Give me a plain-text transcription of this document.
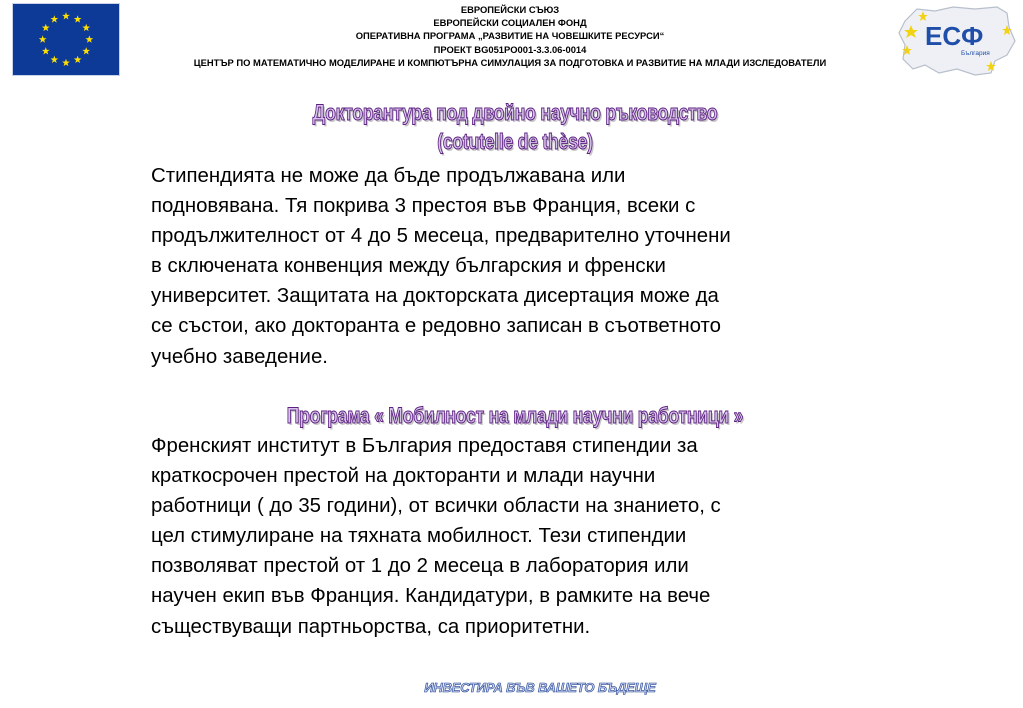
ЕВРОПЕЙСКИ СЪЮЗ
ЕВРОПЕЙСКИ СОЦИАЛЕН ФОНД
ОПЕРАТИВНА ПРОГРАМА „РАЗВИТИЕ НА ЧОВЕШКИТЕ РЕСУРСИ“
ПРОЕКТ BG051PO001-3.3.06-0014
ЦЕНТЪР ПО МАТЕМАТИЧНО МОДЕЛИРАНЕ И КОМПЮТЪРНА СИМУЛАЦИЯ ЗА ПОДГОТОВКА И РАЗВИТИЕ НА МЛАДИ ИЗСЛЕДОВАТЕЛИ
ЕСФ
България
Докторантура под двойно научно ръководство
(cotutelle de thèse)
Стипендията не може да бъде продължавана или
подновявана. Тя покрива 3 престоя във Франция, всеки с
продължителност от 4 до 5 месеца, предварително уточнени
в сключената конвенция между българския и френски
университет. Защитата на докторската дисертация може да
се състои, ако докторанта е редовно записан в съответното
учебно заведение.
Програма « Мобилност на млади научни работници »
Френският институт в България предоставя стипендии за
краткосрочен престой на докторанти и млади научни
работници ( до 35 години), от всички области на знанието, с
цел стимулиране на тяхната мобилност. Тези стипендии
позволяват престой от 1 до 2 месеца в лаборатория или
научен екип във Франция. Кандидатури, в рамките на вече
съществуващи партньорства, са приоритетни.
ИНВЕСТИРА ВЪВ ВАШЕТО БЪДЕЩЕ
